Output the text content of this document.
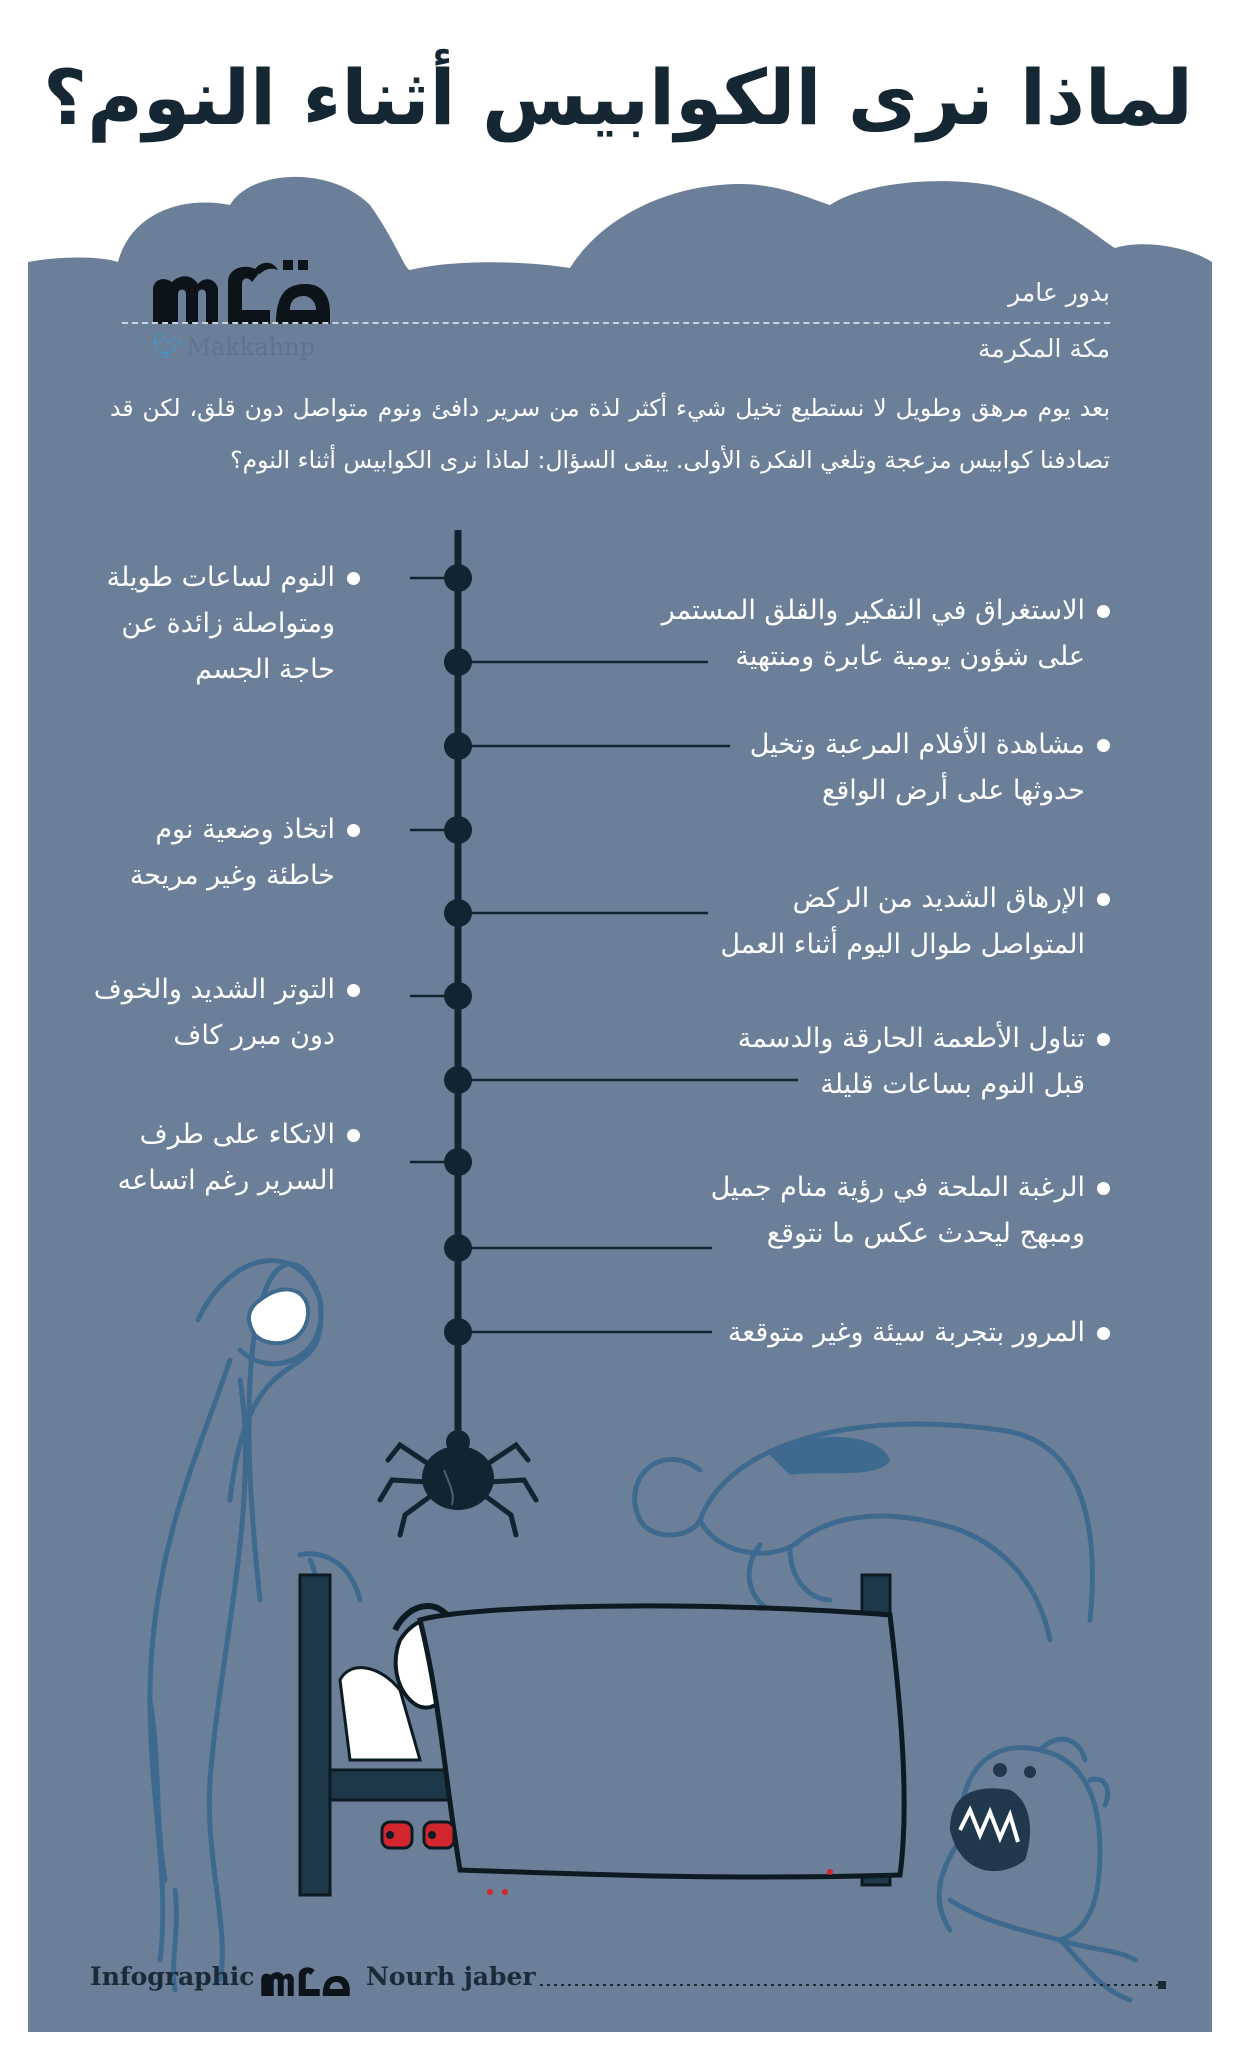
لماذا نرى الكوابيس أثناء النوم؟
🐦︎ Makkahnp
بدور عامر
مكة المكرمة
بعد يوم مرهق وطويل لا نستطيع تخيل شيء أكثر لذة من سرير دافئ ونوم متواصل دون قلق، لكن قد تصادفنا كوابيس مزعجة وتلغي الفكرة الأولى. يبقى السؤال: لماذا نرى الكوابيس أثناء النوم؟
النوم لساعات طويلة
ومتواصلة زائدة عن
حاجة الجسم
اتخاذ وضعية نوم
خاطئة وغير مريحة
التوتر الشديد والخوف
دون مبرر كاف
الاتكاء على طرف
السرير رغم اتساعه
الاستغراق في التفكير والقلق المستمر
على شؤون يومية عابرة ومنتهية
مشاهدة الأفلام المرعبة وتخيل
حدوثها على أرض الواقع
الإرهاق الشديد من الركض
المتواصل طوال اليوم أثناء العمل
تناول الأطعمة الحارقة والدسمة
قبل النوم بساعات قليلة
الرغبة الملحة في رؤية منام جميل
ومبهج ليحدث عكس ما نتوقع
المرور بتجربة سيئة وغير متوقعة
Infographic	Nourh jaber
